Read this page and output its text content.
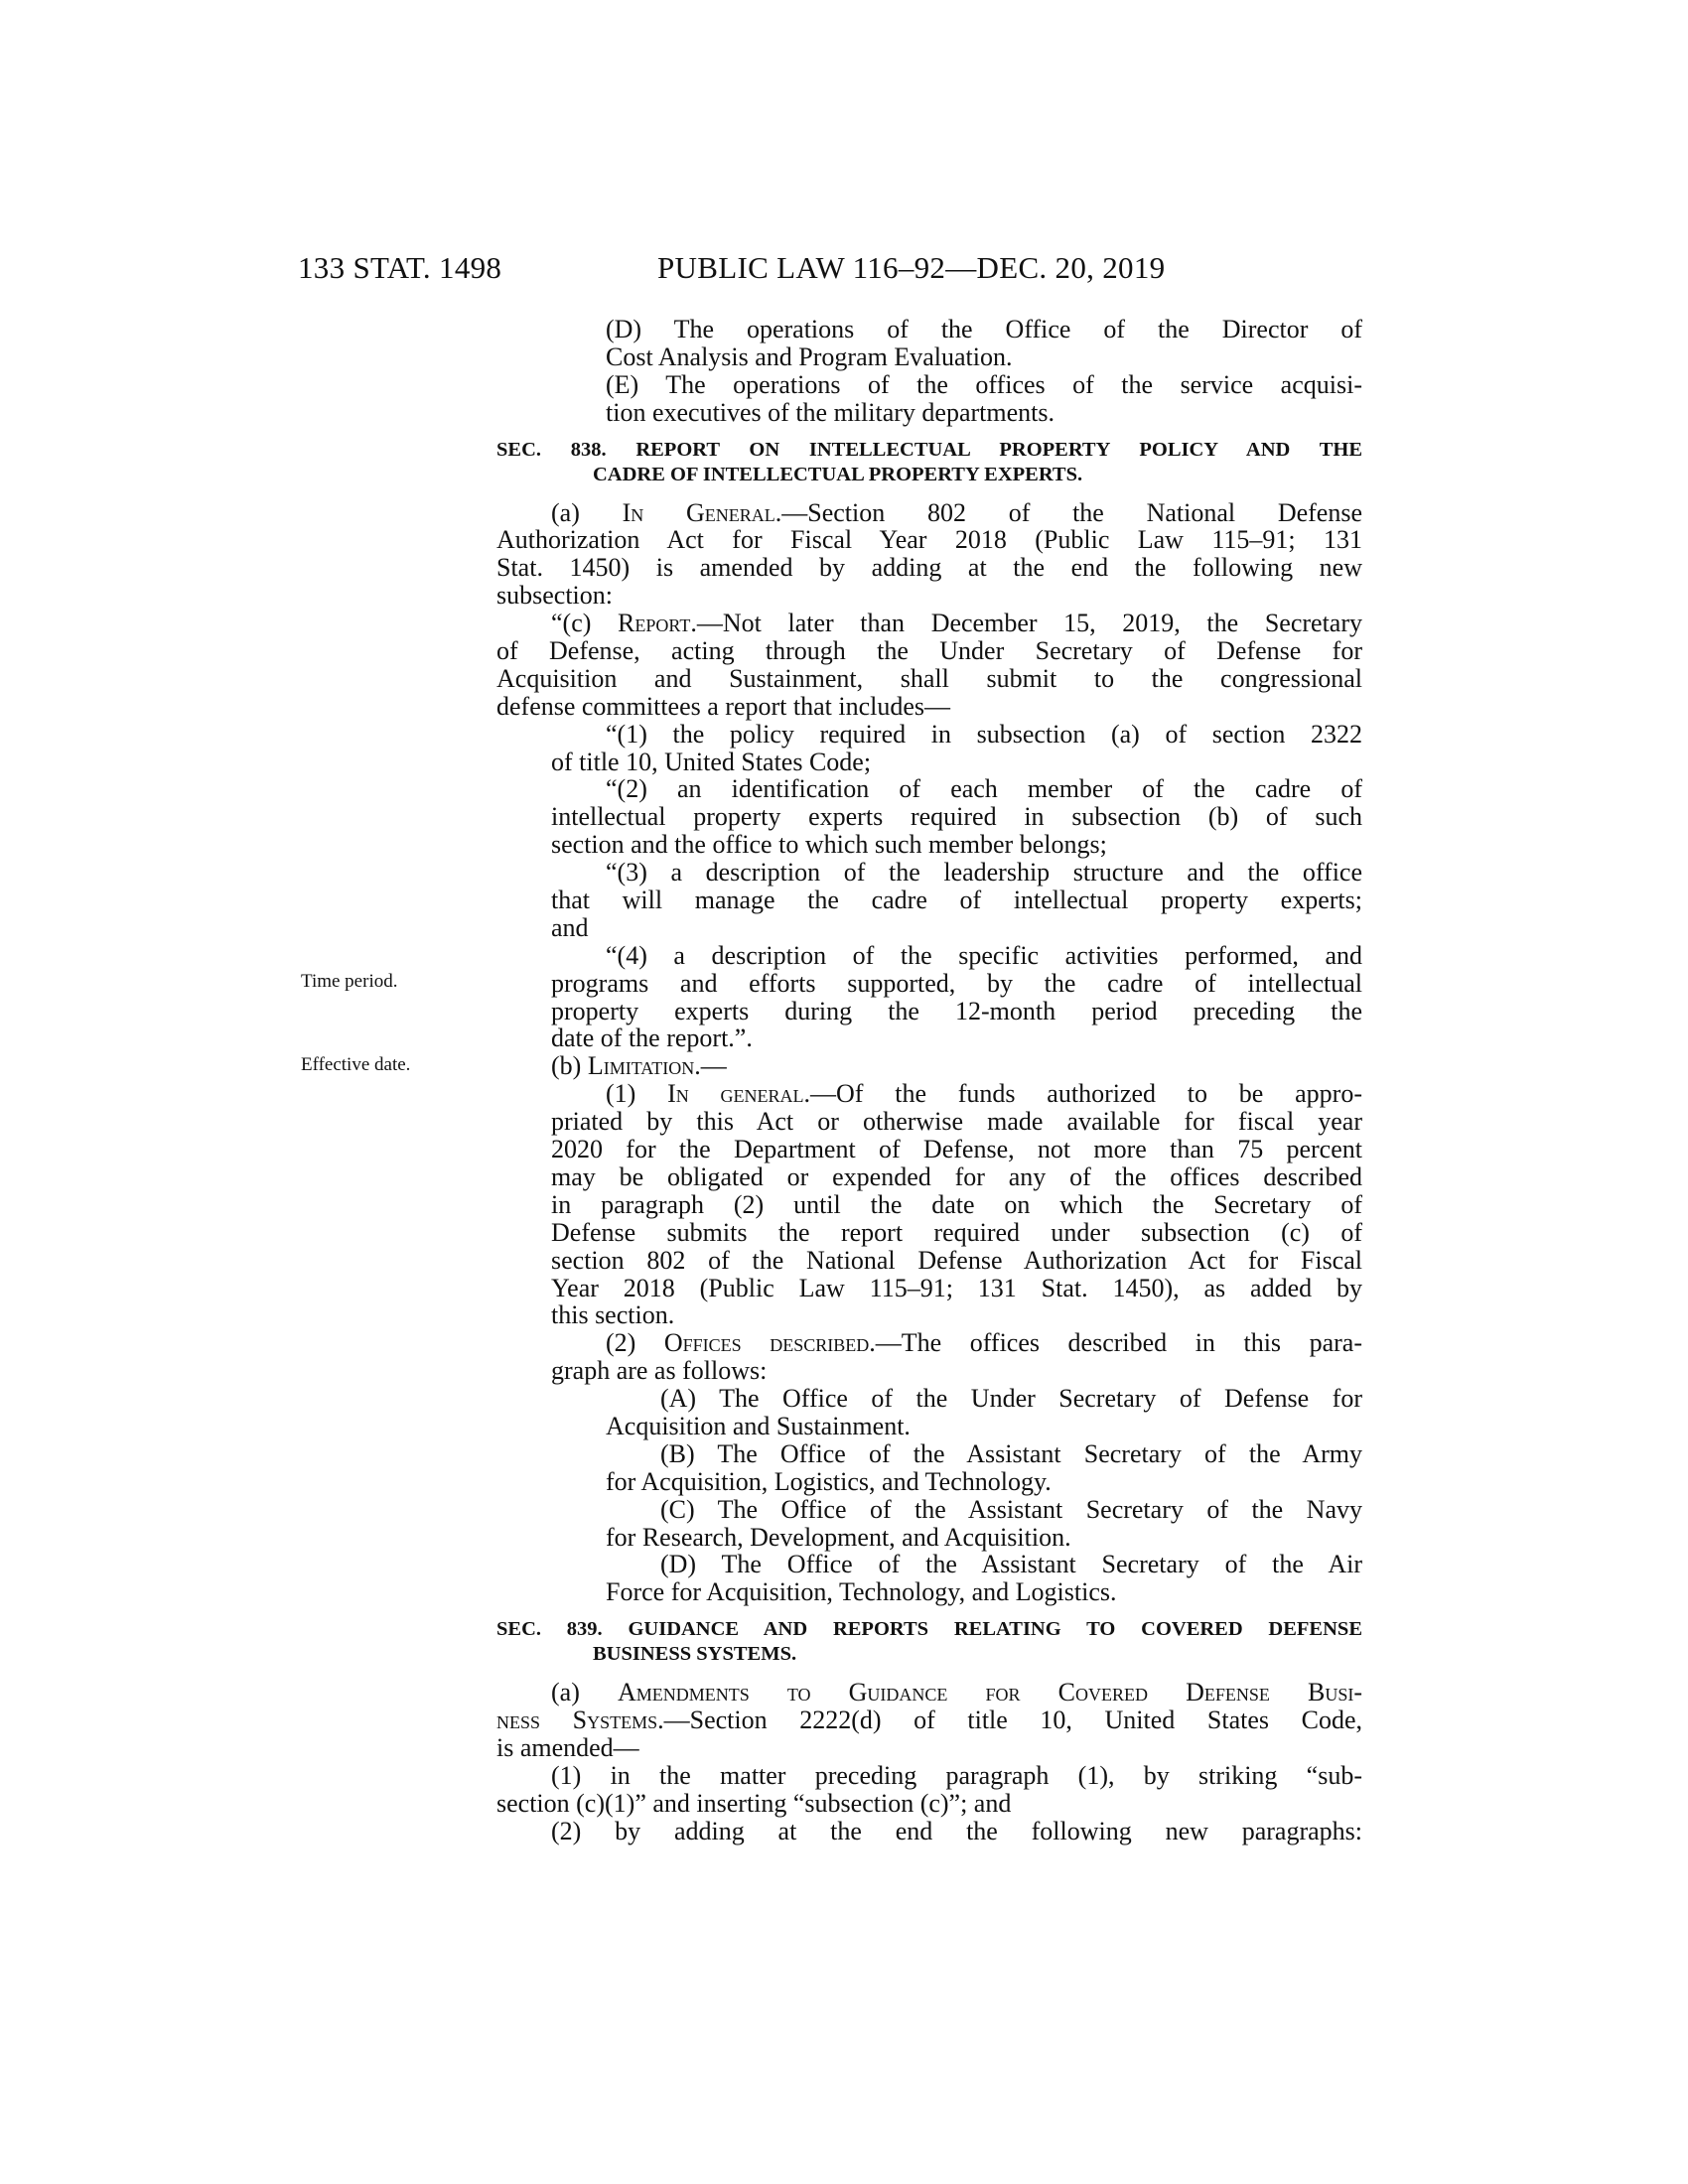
133 STAT. 1498	PUBLIC LAW 116–92—DEC. 20, 2019
Time period.
Effective date.
(D) The operations of the Office of the Director of
Cost Analysis and Program Evaluation.
(E) The operations of the offices of the service acquisi-
tion executives of the military departments.
SEC. 838. REPORT ON INTELLECTUAL PROPERTY POLICY AND THE
CADRE OF INTELLECTUAL PROPERTY EXPERTS.
(a) In General.—Section 802 of the National Defense
Authorization Act for Fiscal Year 2018 (Public Law 115–91; 131
Stat. 1450) is amended by adding at the end the following new
subsection:
“(c) Report.—Not later than December 15, 2019, the Secretary
of Defense, acting through the Under Secretary of Defense for
Acquisition and Sustainment, shall submit to the congressional
defense committees a report that includes—
“(1) the policy required in subsection (a) of section 2322
of title 10, United States Code;
“(2) an identification of each member of the cadre of
intellectual property experts required in subsection (b) of such
section and the office to which such member belongs;
“(3) a description of the leadership structure and the office
that will manage the cadre of intellectual property experts;
and
“(4) a description of the specific activities performed, and
programs and efforts supported, by the cadre of intellectual
property experts during the 12-month period preceding the
date of the report.”.
(b) Limitation.—
(1) In general.—Of the funds authorized to be appro-
priated by this Act or otherwise made available for fiscal year
2020 for the Department of Defense, not more than 75 percent
may be obligated or expended for any of the offices described
in paragraph (2) until the date on which the Secretary of
Defense submits the report required under subsection (c) of
section 802 of the National Defense Authorization Act for Fiscal
Year 2018 (Public Law 115–91; 131 Stat. 1450), as added by
this section.
(2) Offices described.—The offices described in this para-
graph are as follows:
(A) The Office of the Under Secretary of Defense for
Acquisition and Sustainment.
(B) The Office of the Assistant Secretary of the Army
for Acquisition, Logistics, and Technology.
(C) The Office of the Assistant Secretary of the Navy
for Research, Development, and Acquisition.
(D) The Office of the Assistant Secretary of the Air
Force for Acquisition, Technology, and Logistics.
SEC. 839. GUIDANCE AND REPORTS RELATING TO COVERED DEFENSE
BUSINESS SYSTEMS.
(a) Amendments to Guidance for Covered Defense Busi-
ness Systems.—Section 2222(d) of title 10, United States Code,
is amended—
(1) in the matter preceding paragraph (1), by striking “sub-
section (c)(1)” and inserting “subsection (c)”; and
(2) by adding at the end the following new paragraphs:
